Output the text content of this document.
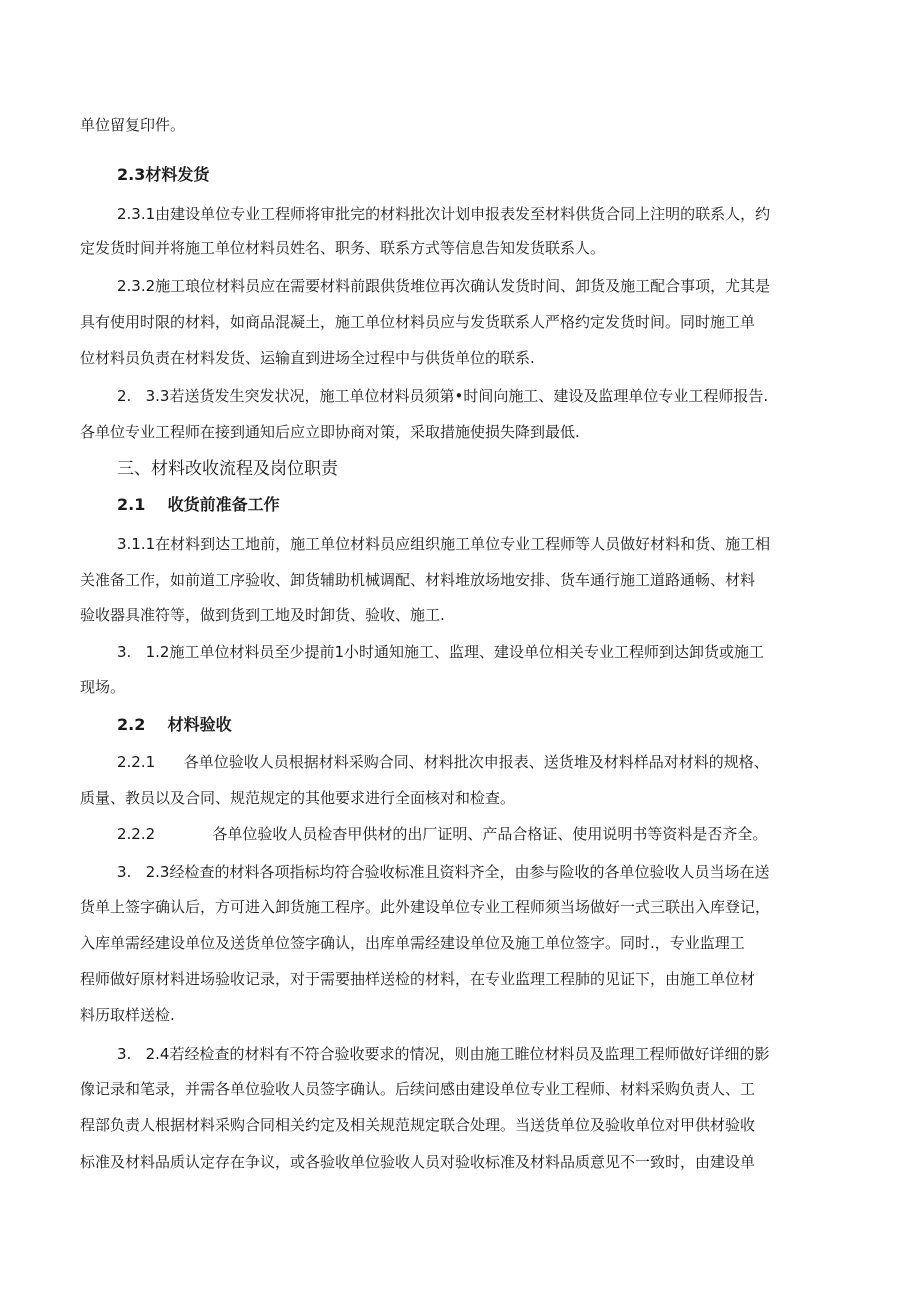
单位留复印件。
2.3材料发货
2.3.1由建设单位专业工程师将审批完的材料批次计划申报表发至材料供货合同上注明的联系人，约
定发货时间并将施工单位材料员姓名、职务、联系方式等信息告知发货联系人。
2.3.2施工琅位材料员应在需要材料前跟供货堆位再次确认发货时间、卸货及施工配合事项，尤其是
具有使用时限的材料，如商品混凝土，施工单位材料员应与发货联系人严格约定发货时间。同时施工单
位材料员负责在材料发货、运输直到进场全过程中与供货单位的联系.
2.   3.3若送货发生突发状况，施工单位材料员须第•时间向施工、建设及监理单位专业工程师报告.
各单位专业工程师在接到通知后应立即协商对策，采取措施使损失降到最低.
三、材料改收流程及岗位职责
2.1    收货前准备工作
3.1.1在材料到达工地前，施工单位材料员应组织施工单位专业工程师等人员做好材料和货、施工相
关准备工作，如前道工序验收、卸货辅助机械调配、材料堆放场地安排、货车通行施工道路通畅、材料
验收器具准符等，做到货到工地及时卸货、验收、施工.
3.   1.2施工单位材料员至少提前1小时通知施工、监理、建设单位相关专业工程师到达卸货或施工
现场。
2.2    材料验收
2.2.1      各单位验收人员根据材料采购合同、材料批次申报表、送货堆及材料样品对材料的规格、
质量、教员以及合同、规范规定的其他要求进行全面核对和检查。
2.2.2            各单位验收人员检杳甲供材的出厂证明、产品合格证、使用说明书等资料是否齐全。
3.   2.3经检查的材料各项指标均符合验收标准且资料齐全，由参与险收的各单位验收人员当场在送
货单上签字确认后，方可进入卸货施工程序。此外建设单位专业工程师须当场做好一式三联出入库登记，
入库单需经建设单位及送货单位签字确认，出库单需经建设单位及施工单位签字。同时.，专业监理工
程师做好原材料进场验收记录，对于需要抽样送检的材料，在专业监理工程肺的见证下，由施工单位材
料历取样送检.
3.   2.4若经检查的材料有不符合验收要求的情况，则由施工睢位材料员及监理工程师做好详细的影
像记录和笔录，并需各单位验收人员签字确认。后续问感由建设单位专业工程师、材料采购负责人、工
程部负责人根据材料采购合同相关约定及相关规范规定联合处理。当送货单位及验收单位对甲供材验收
标准及材料品质认定存在争议，或各验收单位验收人员对验收标准及材料品质意见不一致时，由建设单
